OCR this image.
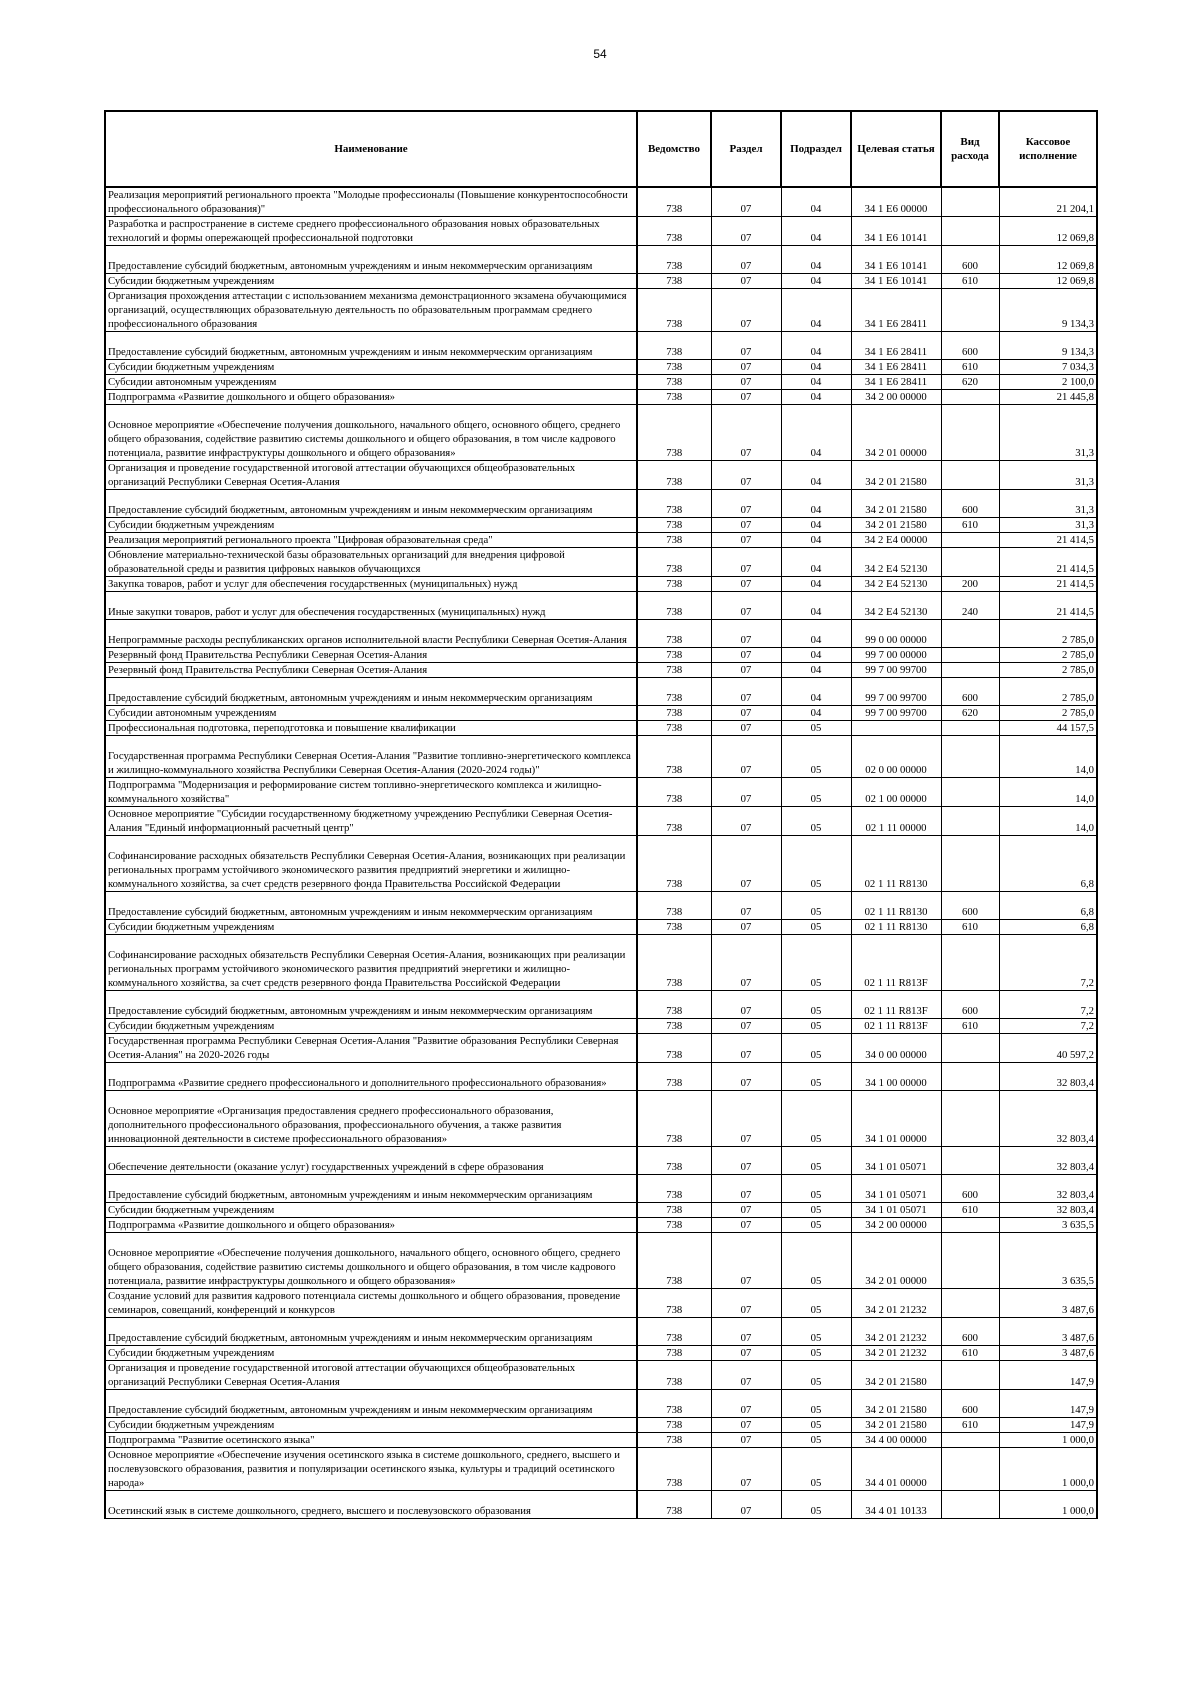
54
Наименование	Ведомство	Раздел	Подраздел	Целевая статья	Вид расхода	Кассовое исполнение
Реализация мероприятий регионального проекта "Молодые профессионалы (Повышение конкурентоспособности профессионального образования)"	738	07	04	34 1 E6 00000		21 204,1
Разработка и распространение в системе среднего профессионального образования новых образовательных технологий и формы опережающей профессиональной подготовки	738	07	04	34 1 E6 10141		12 069,8
Предоставление субсидий бюджетным, автономным учреждениям и иным некоммерческим организациям	738	07	04	34 1 E6 10141	600	12 069,8
Субсидии бюджетным учреждениям	738	07	04	34 1 E6 10141	610	12 069,8
Организация прохождения аттестации с использованием механизма демонстрационного экзамена обучающимися организаций, осуществляющих образовательную деятельность по образовательным программам среднего профессионального образования	738	07	04	34 1 E6 28411		9 134,3
Предоставление субсидий бюджетным, автономным учреждениям и иным некоммерческим организациям	738	07	04	34 1 E6 28411	600	9 134,3
Субсидии бюджетным учреждениям	738	07	04	34 1 E6 28411	610	7 034,3
Субсидии автономным учреждениям	738	07	04	34 1 E6 28411	620	2 100,0
Подпрограмма «Развитие дошкольного и общего образования»	738	07	04	34 2 00 00000		21 445,8
Основное мероприятие «Обеспечение получения дошкольного, начального общего, основного общего, среднего общего образования, содействие развитию системы дошкольного и общего образования, в том числе кадрового потенциала, развитие инфраструктуры дошкольного и общего образования»	738	07	04	34 2 01 00000		31,3
Организация и проведение государственной итоговой аттестации обучающихся общеобразовательных организаций Республики Северная Осетия-Алания	738	07	04	34 2 01 21580		31,3
Предоставление субсидий бюджетным, автономным учреждениям и иным некоммерческим организациям	738	07	04	34 2 01 21580	600	31,3
Субсидии бюджетным учреждениям	738	07	04	34 2 01 21580	610	31,3
Реализация мероприятий регионального проекта "Цифровая образовательная среда"	738	07	04	34 2 E4 00000		21 414,5
Обновление материально-технической базы образовательных организаций для внедрения цифровой образовательной среды и развития цифровых навыков обучающихся	738	07	04	34 2 E4 52130		21 414,5
Закупка товаров, работ и услуг для обеспечения государственных (муниципальных) нужд	738	07	04	34 2 E4 52130	200	21 414,5
Иные закупки товаров, работ и услуг для обеспечения государственных (муниципальных) нужд	738	07	04	34 2 E4 52130	240	21 414,5
Непрограммные расходы республиканских органов исполнительной власти Республики Северная Осетия-Алания	738	07	04	99 0 00 00000		2 785,0
Резервный фонд Правительства Республики Северная Осетия-Алания	738	07	04	99 7 00 00000		2 785,0
Резервный фонд Правительства Республики Северная Осетия-Алания	738	07	04	99 7 00 99700		2 785,0
Предоставление субсидий бюджетным, автономным учреждениям и иным некоммерческим организациям	738	07	04	99 7 00 99700	600	2 785,0
Субсидии автономным учреждениям	738	07	04	99 7 00 99700	620	2 785,0
Профессиональная подготовка, переподготовка и повышение квалификации	738	07	05			44 157,5
Государственная программа Республики Северная Осетия-Алания "Развитие топливно-энергетического комплекса и жилищно-коммунального хозяйства Республики Северная Осетия-Алания (2020-2024 годы)"	738	07	05	02 0 00 00000		14,0
Подпрограмма "Модернизация и реформирование систем топливно-энергетического комплекса и жилищно-коммунального хозяйства"	738	07	05	02 1 00 00000		14,0
Основное мероприятие "Субсидии государственному бюджетному учреждению Республики Северная Осетия-Алания "Единый информационный расчетный центр"	738	07	05	02 1 11 00000		14,0
Софинансирование расходных обязательств Республики Северная Осетия-Алания, возникающих при реализации региональных программ устойчивого экономического развития предприятий энергетики и жилищно-коммунального хозяйства, за счет средств резервного фонда Правительства Российской Федерации	738	07	05	02 1 11 R8130		6,8
Предоставление субсидий бюджетным, автономным учреждениям и иным некоммерческим организациям	738	07	05	02 1 11 R8130	600	6,8
Субсидии бюджетным учреждениям	738	07	05	02 1 11 R8130	610	6,8
Софинансирование расходных обязательств Республики Северная Осетия-Алания, возникающих при реализации региональных программ устойчивого экономического развития предприятий энергетики и жилищно-коммунального хозяйства, за счет средств резервного фонда Правительства Российской Федерации	738	07	05	02 1 11 R813F		7,2
Предоставление субсидий бюджетным, автономным учреждениям и иным некоммерческим организациям	738	07	05	02 1 11 R813F	600	7,2
Субсидии бюджетным учреждениям	738	07	05	02 1 11 R813F	610	7,2
Государственная программа Республики Северная Осетия-Алания "Развитие образования Республики Северная Осетия-Алания" на 2020-2026 годы	738	07	05	34 0 00 00000		40 597,2
Подпрограмма «Развитие среднего профессионального и дополнительного профессионального образования»	738	07	05	34 1 00 00000		32 803,4
Основное мероприятие «Организация предоставления среднего профессионального образования, дополнительного профессионального образования, профессионального обучения, а также развития инновационной деятельности в системе профессионального образования»	738	07	05	34 1 01 00000		32 803,4
Обеспечение деятельности (оказание услуг) государственных учреждений в сфере образования	738	07	05	34 1 01 05071		32 803,4
Предоставление субсидий бюджетным, автономным учреждениям и иным некоммерческим организациям	738	07	05	34 1 01 05071	600	32 803,4
Субсидии бюджетным учреждениям	738	07	05	34 1 01 05071	610	32 803,4
Подпрограмма «Развитие дошкольного и общего образования»	738	07	05	34 2 00 00000		3 635,5
Основное мероприятие «Обеспечение получения дошкольного, начального общего, основного общего, среднего общего образования, содействие развитию системы дошкольного и общего образования, в том числе кадрового потенциала, развитие инфраструктуры дошкольного и общего образования»	738	07	05	34 2 01 00000		3 635,5
Создание условий для развития кадрового потенциала системы дошкольного и общего образования, проведение семинаров, совещаний, конференций и конкурсов	738	07	05	34 2 01 21232		3 487,6
Предоставление субсидий бюджетным, автономным учреждениям и иным некоммерческим организациям	738	07	05	34 2 01 21232	600	3 487,6
Субсидии бюджетным учреждениям	738	07	05	34 2 01 21232	610	3 487,6
Организация и проведение государственной итоговой аттестации обучающихся общеобразовательных организаций Республики Северная Осетия-Алания	738	07	05	34 2 01 21580		147,9
Предоставление субсидий бюджетным, автономным учреждениям и иным некоммерческим организациям	738	07	05	34 2 01 21580	600	147,9
Субсидии бюджетным учреждениям	738	07	05	34 2 01 21580	610	147,9
Подпрограмма "Развитие осетинского языка"	738	07	05	34 4 00 00000		1 000,0
Основное мероприятие «Обеспечение изучения осетинского языка в системе дошкольного, среднего, высшего и послевузовского образования, развития и популяризации осетинского языка, культуры и традиций осетинского народа»	738	07	05	34 4 01 00000		1 000,0
Осетинский язык в системе дошкольного, среднего, высшего и послевузовского образования	738	07	05	34 4 01 10133		1 000,0
